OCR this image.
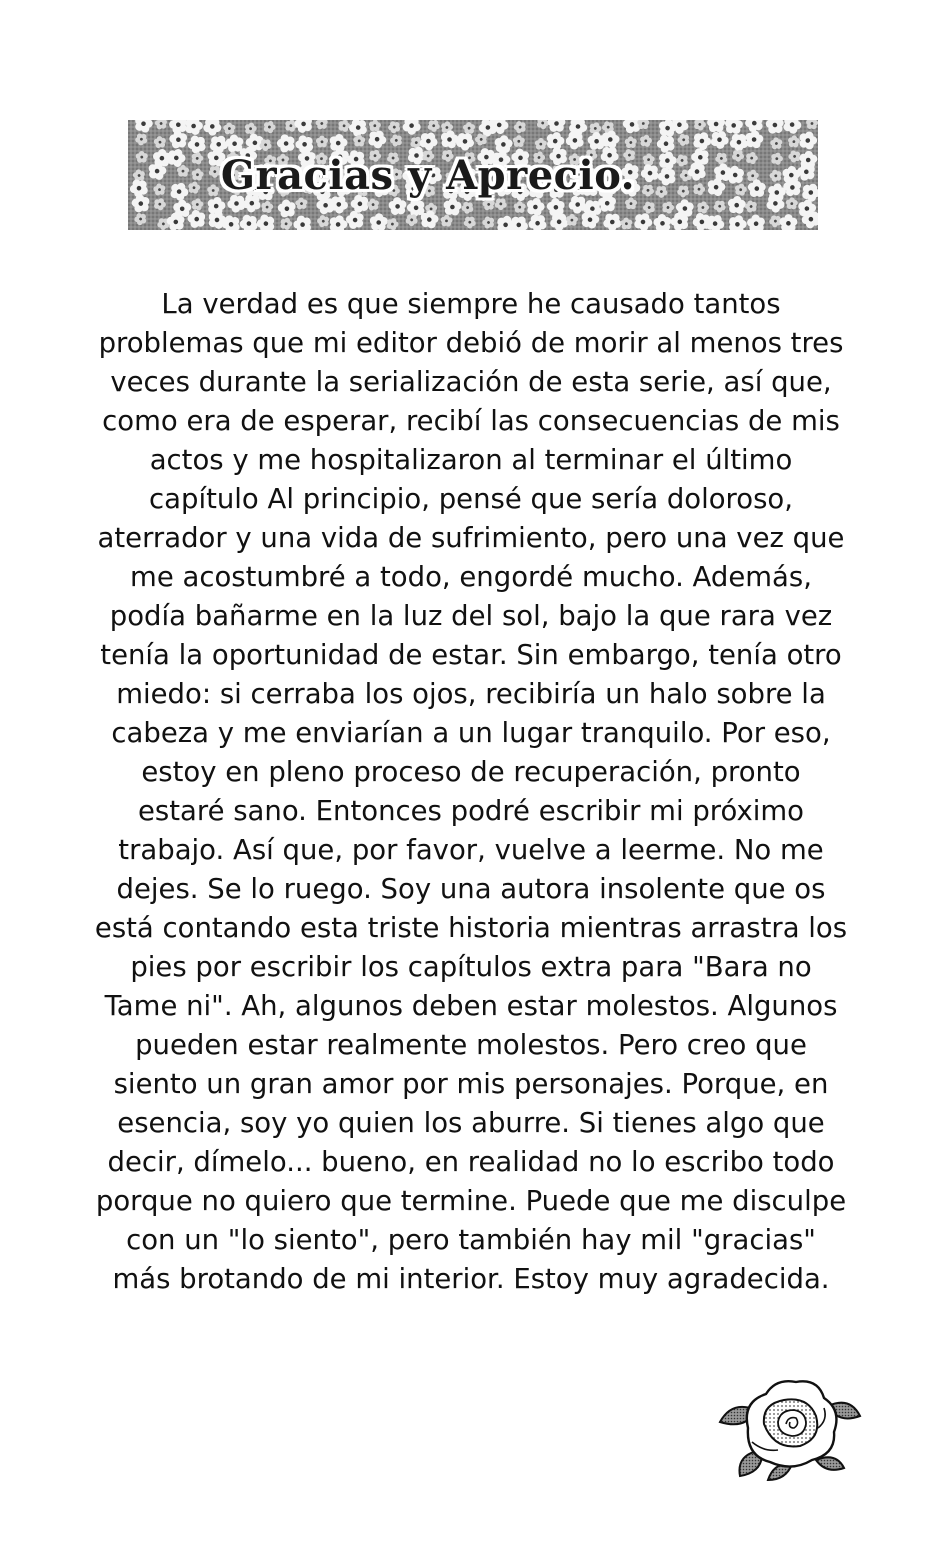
Gracias y Aprecio.
La verdad es que siempre he causado tantos
problemas que mi editor debió de morir al menos tres
veces durante la serialización de esta serie, así que,
como era de esperar, recibí las consecuencias de mis
actos y me hospitalizaron al terminar el último
capítulo Al principio, pensé que sería doloroso,
aterrador y una vida de sufrimiento, pero una vez que
me acostumbré a todo, engordé mucho. Además,
podía bañarme en la luz del sol, bajo la que rara vez
tenía la oportunidad de estar. Sin embargo, tenía otro
miedo: si cerraba los ojos, recibiría un halo sobre la
cabeza y me enviarían a un lugar tranquilo. Por eso,
estoy en pleno proceso de recuperación, pronto
estaré sano. Entonces podré escribir mi próximo
trabajo. Así que, por favor, vuelve a leerme. No me
dejes. Se lo ruego. Soy una autora insolente que os
está contando esta triste historia mientras arrastra los
pies por escribir los capítulos extra para "Bara no
Tame ni". Ah, algunos deben estar molestos. Algunos
pueden estar realmente molestos. Pero creo que
siento un gran amor por mis personajes. Porque, en
esencia, soy yo quien los aburre. Si tienes algo que
decir, dímelo... bueno, en realidad no lo escribo todo
porque no quiero que termine. Puede que me disculpe
con un "lo siento", pero también hay mil "gracias"
más brotando de mi interior. Estoy muy agradecida.
